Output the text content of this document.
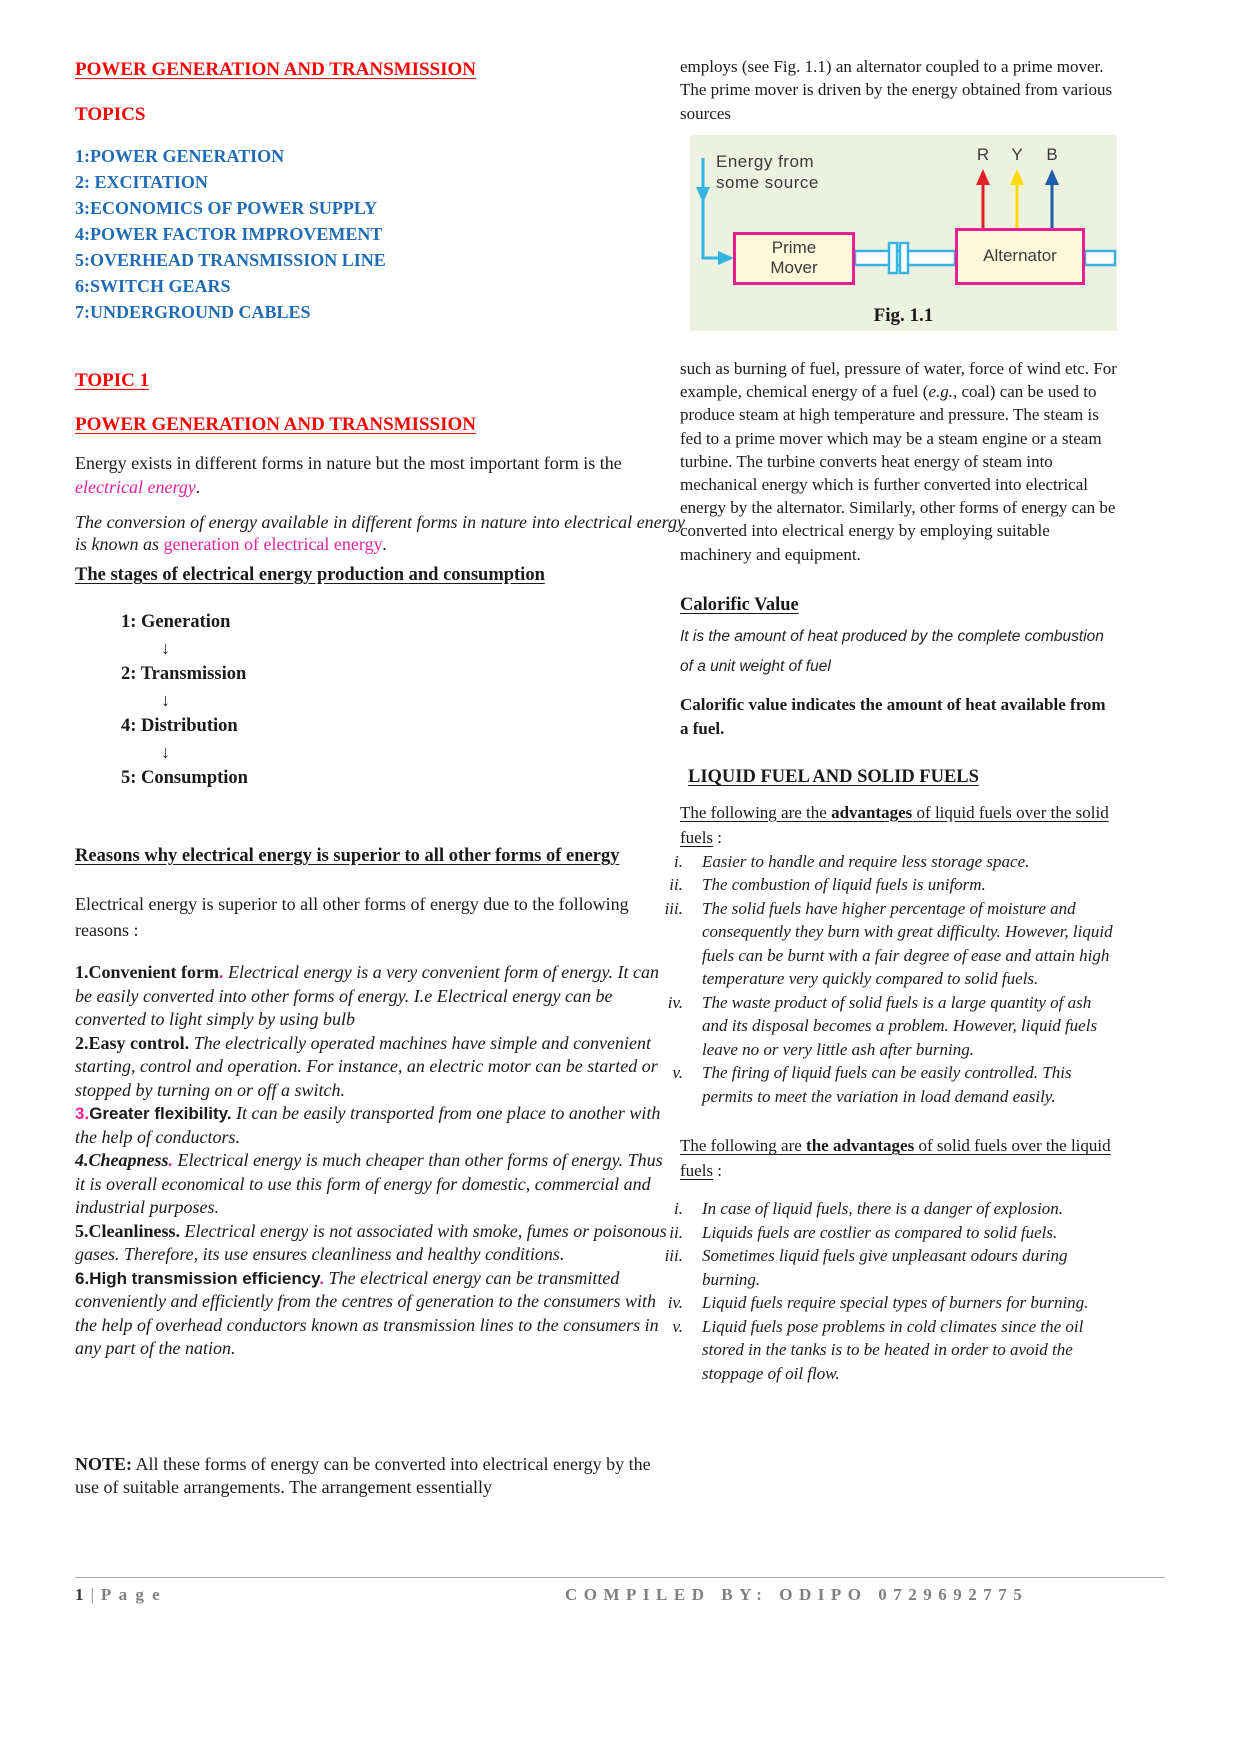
POWER GENERATION AND TRANSMISSION
TOPICS
1:POWER GENERATION
2: EXCITATION
3:ECONOMICS OF POWER SUPPLY
4:POWER FACTOR IMPROVEMENT
5:OVERHEAD TRANSMISSION LINE
6:SWITCH GEARS
7:UNDERGROUND CABLES
TOPIC 1
POWER GENERATION AND TRANSMISSION

Energy exists in different forms in nature but the most important form is the electrical energy.

The conversion of energy available in different forms in nature into electrical energy is known as generation of electrical energy.

The stages of electrical energy production and consumption
1: Generation
↓
2: Transmission
↓
4: Distribution
↓
5: Consumption
Reasons why electrical energy is superior to all other forms of energy

Electrical energy is superior to all other forms of energy due to the following reasons :

1.Convenient form. Electrical energy is a very convenient form of energy. It can be easily converted into other forms of energy. I.e Electrical energy can be converted to light simply by using bulb

2.Easy control. The electrically operated machines have simple and convenient starting, control and operation. For instance, an electric motor can be started or stopped by turning on or off a switch.

3.Greater flexibility. It can be easily transported from one place to another with the help of conductors.

4.Cheapness. Electrical energy is much cheaper than other forms of energy. Thus it is overall economical to use this form of energy for domestic, commercial and industrial purposes.

5.Cleanliness. Electrical energy is not associated with smoke, fumes or poisonous gases. Therefore, its use ensures cleanliness and healthy conditions.

6.High transmission efficiency. The electrical energy can be transmitted conveniently and efficiently from the centres of generation to the consumers with the help of overhead conductors known as transmission lines to the consumers in any part of the nation.

NOTE: All these forms of energy can be converted into electrical energy by the use of suitable arrangements. The arrangement essentially

employs (see Fig. 1.1) an alternator coupled to a prime mover. The prime mover is driven by the energy obtained from various sources

Energy from
some source
Prime Mover
Alternator
R Y B
Fig. 1.1

such as burning of fuel, pressure of water, force of wind etc. For example, chemical energy of a fuel (e.g., coal) can be used to produce steam at high temperature and pressure. The steam is fed to a prime mover which may be a steam engine or a steam turbine. The turbine converts heat energy of steam into mechanical energy which is further converted into electrical energy by the alternator. Similarly, other forms of energy can be converted into electrical energy by employing suitable machinery and equipment.

Calorific Value

It is the amount of heat produced by the complete combustion of a unit weight of fuel

Calorific value indicates the amount of heat available from a fuel.

LIQUID FUEL AND SOLID FUELS

The following are the advantages of liquid fuels over the solid fuels :

i.	Easier to handle and require less storage space.
ii.	The combustion of liquid fuels is uniform.
iii.	The solid fuels have higher percentage of moisture and consequently they burn with great difficulty. However, liquid fuels can be burnt with a fair degree of ease and attain high temperature very quickly compared to solid fuels.
iv.	The waste product of solid fuels is a large quantity of ash and its disposal becomes a problem. However, liquid fuels leave no or very little ash after burning.
v.	The firing of liquid fuels can be easily controlled. This permits to meet the variation in load demand easily.

The following are the advantages of solid fuels over the liquid fuels :

i.	In case of liquid fuels, there is a danger of explosion.
ii.	Liquids fuels are costlier as compared to solid fuels.
iii.	Sometimes liquid fuels give unpleasant odours during burning.
iv.	Liquid fuels require special types of burners for burning.
v.	Liquid fuels pose problems in cold climates since the oil stored in the tanks is to be heated in order to avoid the stoppage of oil flow.
1 | P a g e	COMPILED BY: ODIPO 0729692775
